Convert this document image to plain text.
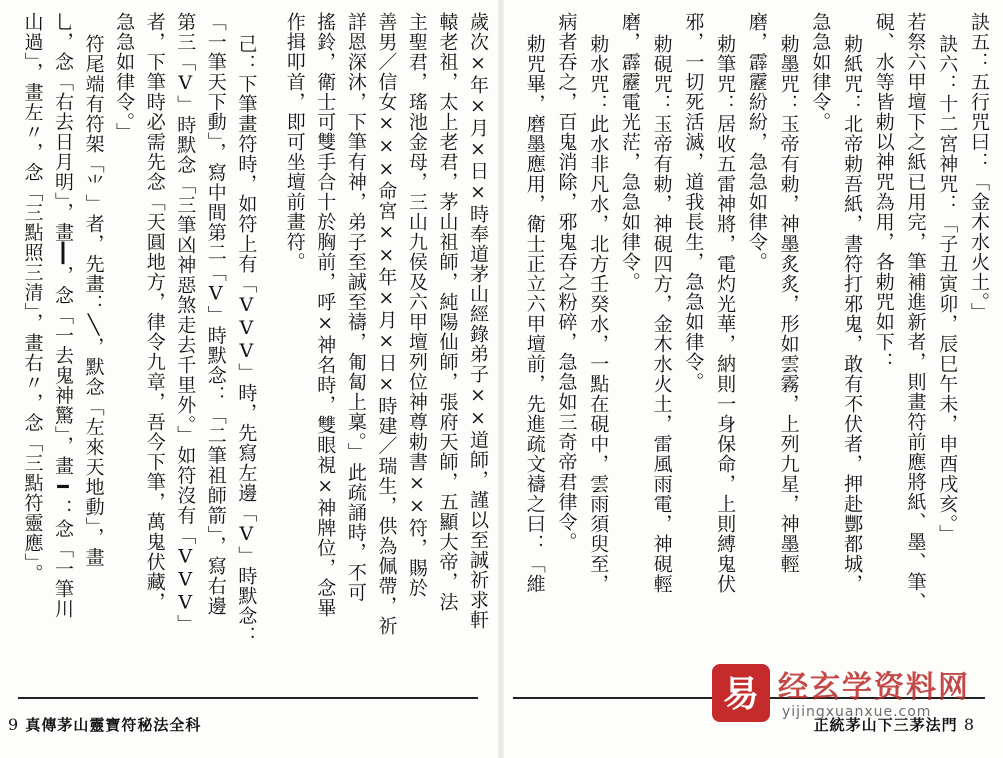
歲次×年×月×日×時奉道茅山經錄弟子××道師，謹以至誠祈求軒
轅老祖，太上老君，茅山祖師，純陽仙師，張府天師，五顯大帝，法
主聖君，瑤池金母，三山九侯及六甲壇列位神尊勅書××符，賜於
善男／信女×××命宮××年×月×日×時建／瑞生，供為佩帶，祈
詳恩深沐，下筆有神，弟子至誠至禱，匍匐上稟。」此疏誦時，不可
搖鈴，衛士可雙手合十於胸前，呼×神名時，雙眼視×神牌位，念畢
作揖叩首，即可坐壇前畫符。
己：下筆畫符時，如符上有「VVV」時，先寫左邊「V」時默念：
「一筆天下動」，寫中間第二「V」時默念：「二筆祖師箭」，寫右邊
第三「V」時默念「三筆凶神惡煞走去千里外。」如符沒有「VVV」
者，下筆時必需先念「天圓地方，律令九章，吾今下筆，萬鬼伏藏，
急急如律令。」
符尾端有符架「⺌」者，先畫：╲，默念「左來天地動」，畫
乚，念「右去日月明」，畫┃，念「一去鬼神驚」，畫━：念「一筆川
山過」，畫左〃，念「三點照三清」，畫右〃，念「三點符靈應」。
9 真傳茅山靈寶符秘法全科
訣五：五行咒曰：「金木水火土。」
訣六：十二宮神咒：「子丑寅卯，辰巳午未，申酉戌亥。」
若祭六甲壇下之紙已用完，筆補進新者，則畫符前應將紙、墨、筆、
硯、水等皆勅以神咒為用，各勅咒如下：
勅紙咒：北帝勅吾紙，書符打邪鬼，敢有不伏者，押赴酆都城，
急急如律令。
勅墨咒：玉帝有勅，神墨炙炙，形如雲霧，上列九星，神墨輕
磨，霹靂紛紛，急急如律令。
勅筆咒：居收五雷神將，電灼光華，納則一身保命，上則縛鬼伏
邪，一切死活滅，道我長生，急急如律令。
勅硯咒：玉帝有勅，神硯四方，金木水火土，雷風雨電，神硯輕
磨，霹靂電光茫，急急如律令。
勅水咒：此水非凡水，北方壬癸水，一點在硯中，雲雨須臾至，
病者吞之，百鬼消除，邪鬼吞之粉碎，急急如三奇帝君律令。
勅咒畢，磨墨應用，衛士正立六甲壇前，先進疏文禱之曰：「維
正統茅山下三茅法門 8
易 经玄学资料网
yijingxuanxue.com
